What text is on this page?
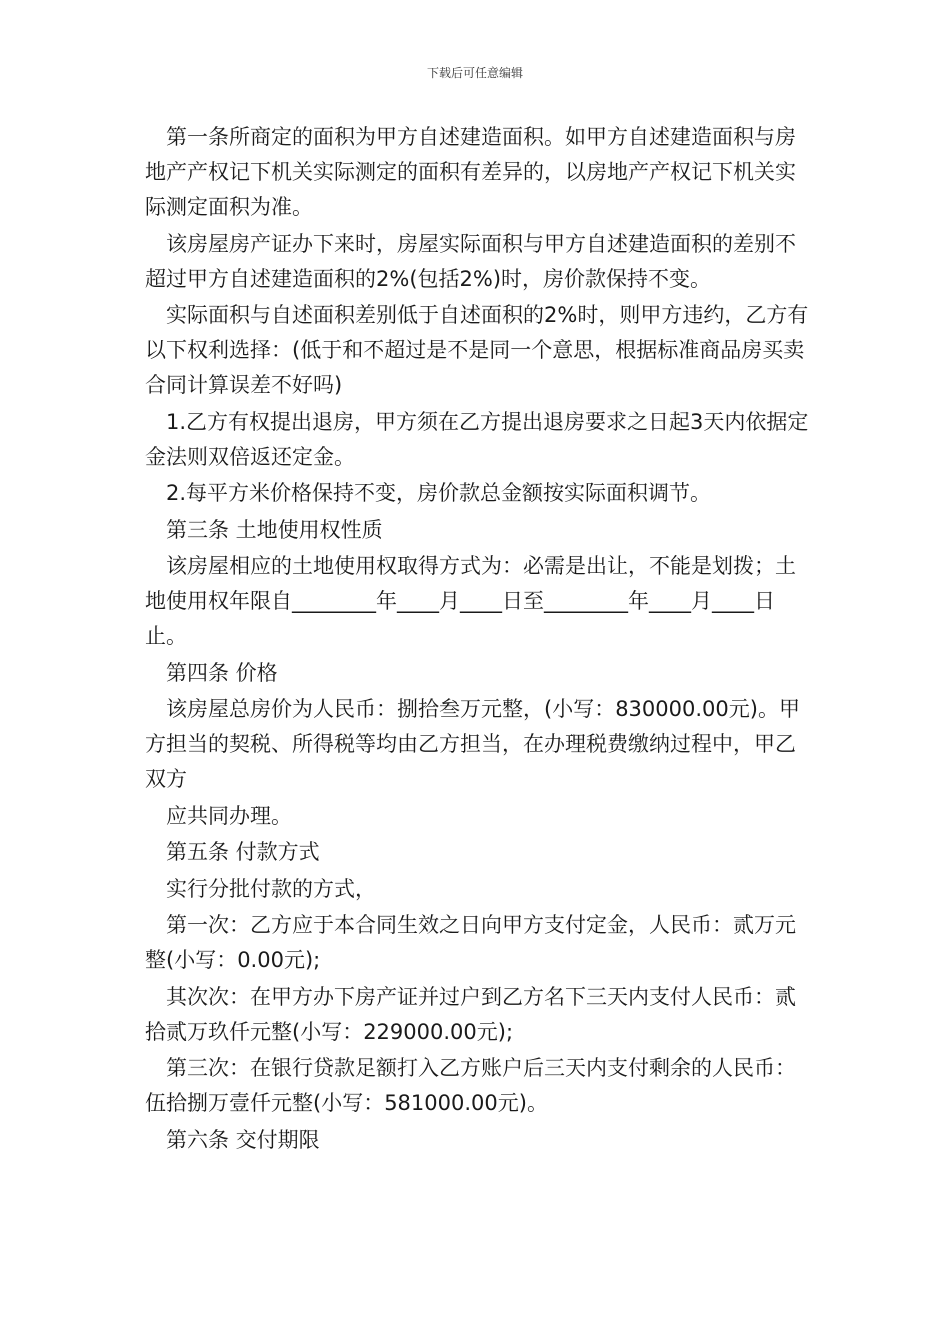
下载后可任意编辑

第一条所商定的面积为甲方自述建造面积。如甲方自述建造面积与房地产产权记下机关实际测定的面积有差异的，以房地产产权记下机关实际测定面积为准。

该房屋房产证办下来时，房屋实际面积与甲方自述建造面积的差别不超过甲方自述建造面积的2%(包括2%)时，房价款保持不变。

实际面积与自述面积差别低于自述面积的2%时，则甲方违约，乙方有以下权利选择：(低于和不超过是不是同一个意思，根据标准商品房买卖合同计算误差不好吗)

1.乙方有权提出退房，甲方须在乙方提出退房要求之日起3天内依据定金法则双倍返还定金。

2.每平方米价格保持不变，房价款总金额按实际面积调节。

第三条 土地使用权性质

该房屋相应的土地使用权取得方式为：必需是出让，不能是划拨；土地使用权年限自________年____月____日至________年____月____日止。

第四条 价格

该房屋总房价为人民币：捌拾叁万元整，(小写：830000.00元)。甲方担当的契税、所得税等均由乙方担当，在办理税费缴纳过程中，甲乙双方

应共同办理。

第五条 付款方式

实行分批付款的方式，

第一次：乙方应于本合同生效之日向甲方支付定金，人民币：贰万元整(小写：0.00元);

其次次：在甲方办下房产证并过户到乙方名下三天内支付人民币：贰拾贰万玖仟元整(小写：229000.00元);

第三次：在银行贷款足额打入乙方账户后三天内支付剩余的人民币：伍拾捌万壹仟元整(小写：581000.00元)。

第六条 交付期限
